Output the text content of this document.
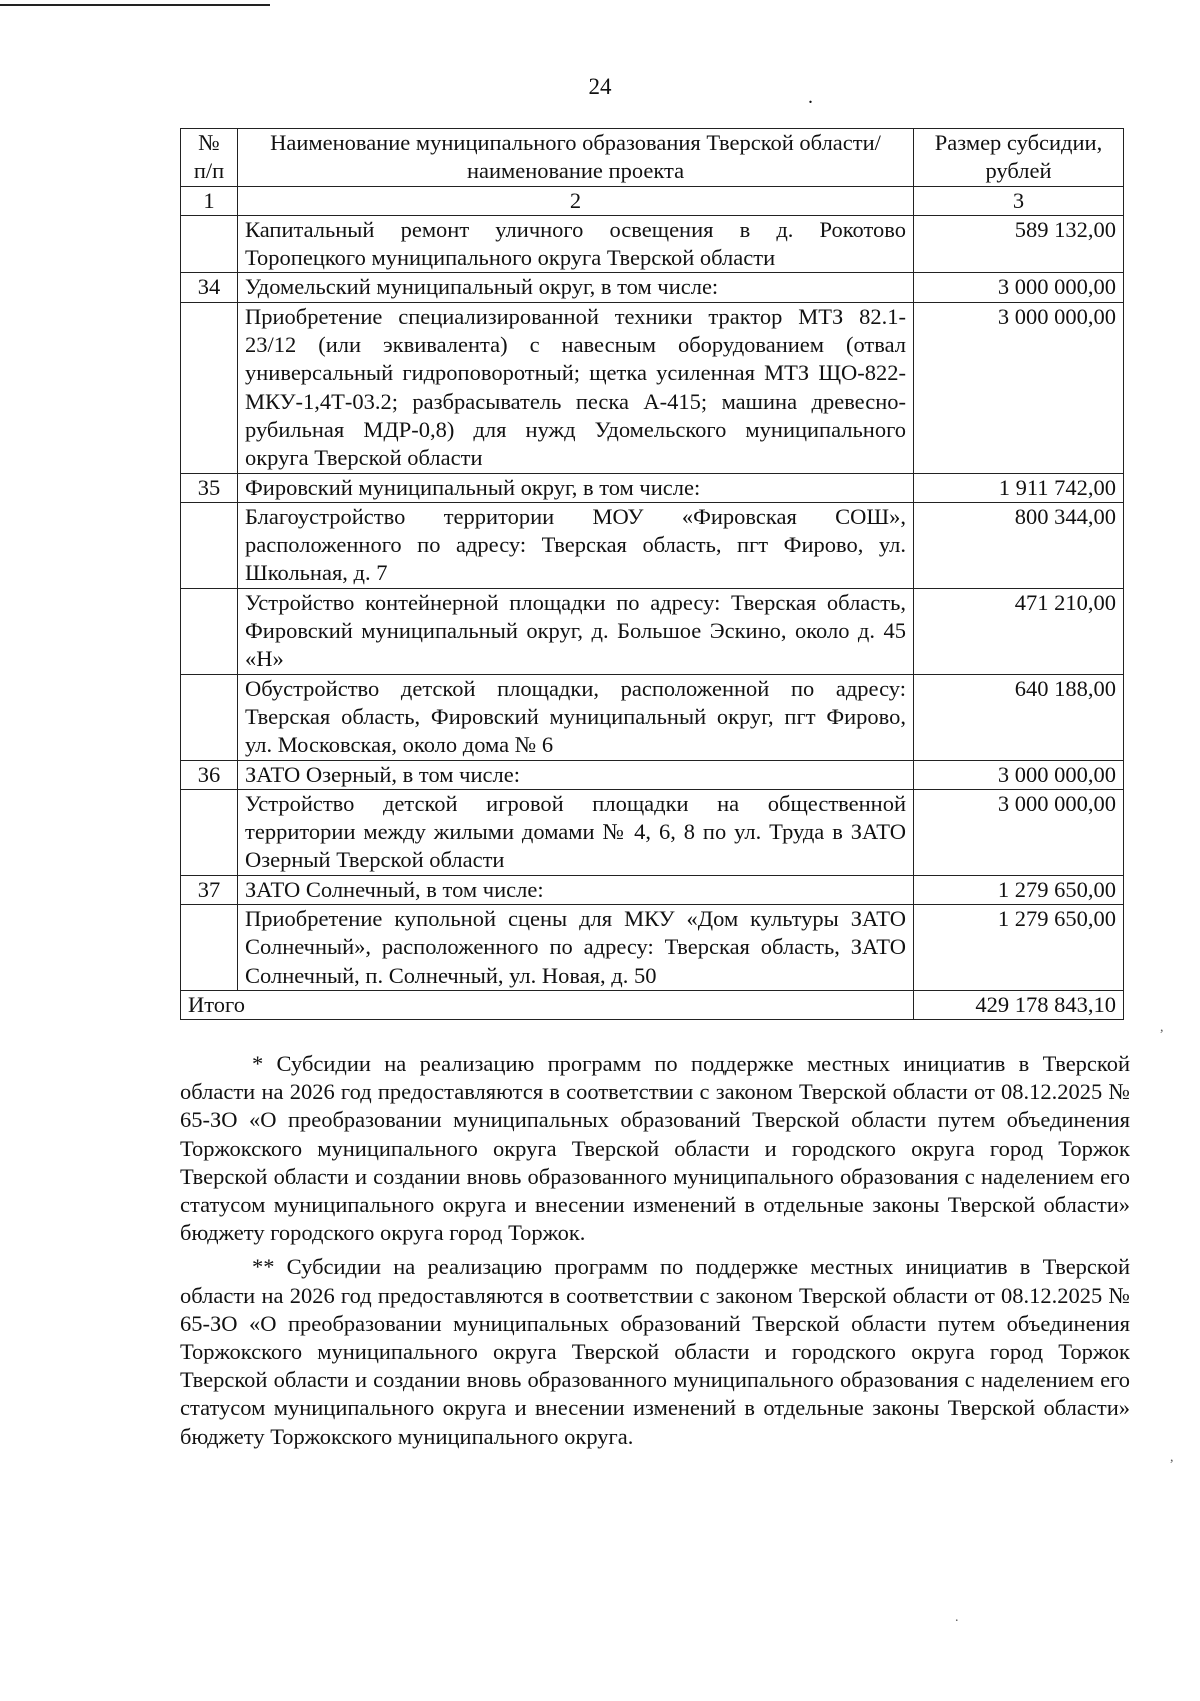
24	.
№ п/п	Наименование муниципального образования Тверской области/наименование проекта	Размер субсидии, рублей
1	2	3
	Капитальный ремонт уличного освещения в д. Рокотово Торопецкого муниципального округа Тверской области	589 132,00
34	Удомельский муниципальный округ, в том числе:	3 000 000,00
	Приобретение специализированной техники трактор МТЗ 82.1-23/12 (или эквивалента) с навесным оборудованием (отвал универсальный гидроповоротный; щетка усиленная МТЗ ЩО-822-МКУ-1,4Т-03.2; разбрасыватель песка А-415; машина древесно-рубильная МДР-0,8) для нужд Удомельского муниципального округа Тверской области	3 000 000,00
35	Фировский муниципальный округ, в том числе:	1 911 742,00
	Благоустройство территории МОУ «Фировская СОШ», расположенного по адресу: Тверская область, пгт Фирово, ул. Школьная, д. 7	800 344,00
	Устройство контейнерной площадки по адресу: Тверская область, Фировский муниципальный округ, д. Большое Эскино, около д. 45 «Н»	471 210,00
	Обустройство детской площадки, расположенной по адресу: Тверская область, Фировский муниципальный округ, пгт Фирово, ул. Московская, около дома № 6	640 188,00
36	ЗАТО Озерный, в том числе:	3 000 000,00
	Устройство детской игровой площадки на общественной территории между жилыми домами № 4, 6, 8 по ул. Труда в ЗАТО Озерный Тверской области	3 000 000,00
37	ЗАТО Солнечный, в том числе:	1 279 650,00
	Приобретение купольной сцены для МКУ «Дом культуры ЗАТО Солнечный», расположенного по адресу: Тверская область, ЗАТО Солнечный, п. Солнечный, ул. Новая, д. 50	1 279 650,00
Итого		429 178 843,10

* Субсидии на реализацию программ по поддержке местных инициатив в Тверской области на 2026 год предоставляются в соответствии с законом Тверской области от 08.12.2025 № 65-ЗО «О преобразовании муниципальных образований Тверской области путем объединения Торжокского муниципального округа Тверской области и городского округа город Торжок Тверской области и создании вновь образованного муниципального образования с наделением его статусом муниципального округа и внесении изменений в отдельные законы Тверской области» бюджету городского округа город Торжок.

** Субсидии на реализацию программ по поддержке местных инициатив в Тверской области на 2026 год предоставляются в соответствии с законом Тверской области от 08.12.2025 № 65-ЗО «О преобразовании муниципальных образований Тверской области путем объединения Торжокского муниципального округа Тверской области и городского округа город Торжок Тверской области и создании вновь образованного муниципального образования с наделением его статусом муниципального округа и внесении изменений в отдельные законы Тверской области» бюджету Торжокского муниципального округа.

,
,
.
